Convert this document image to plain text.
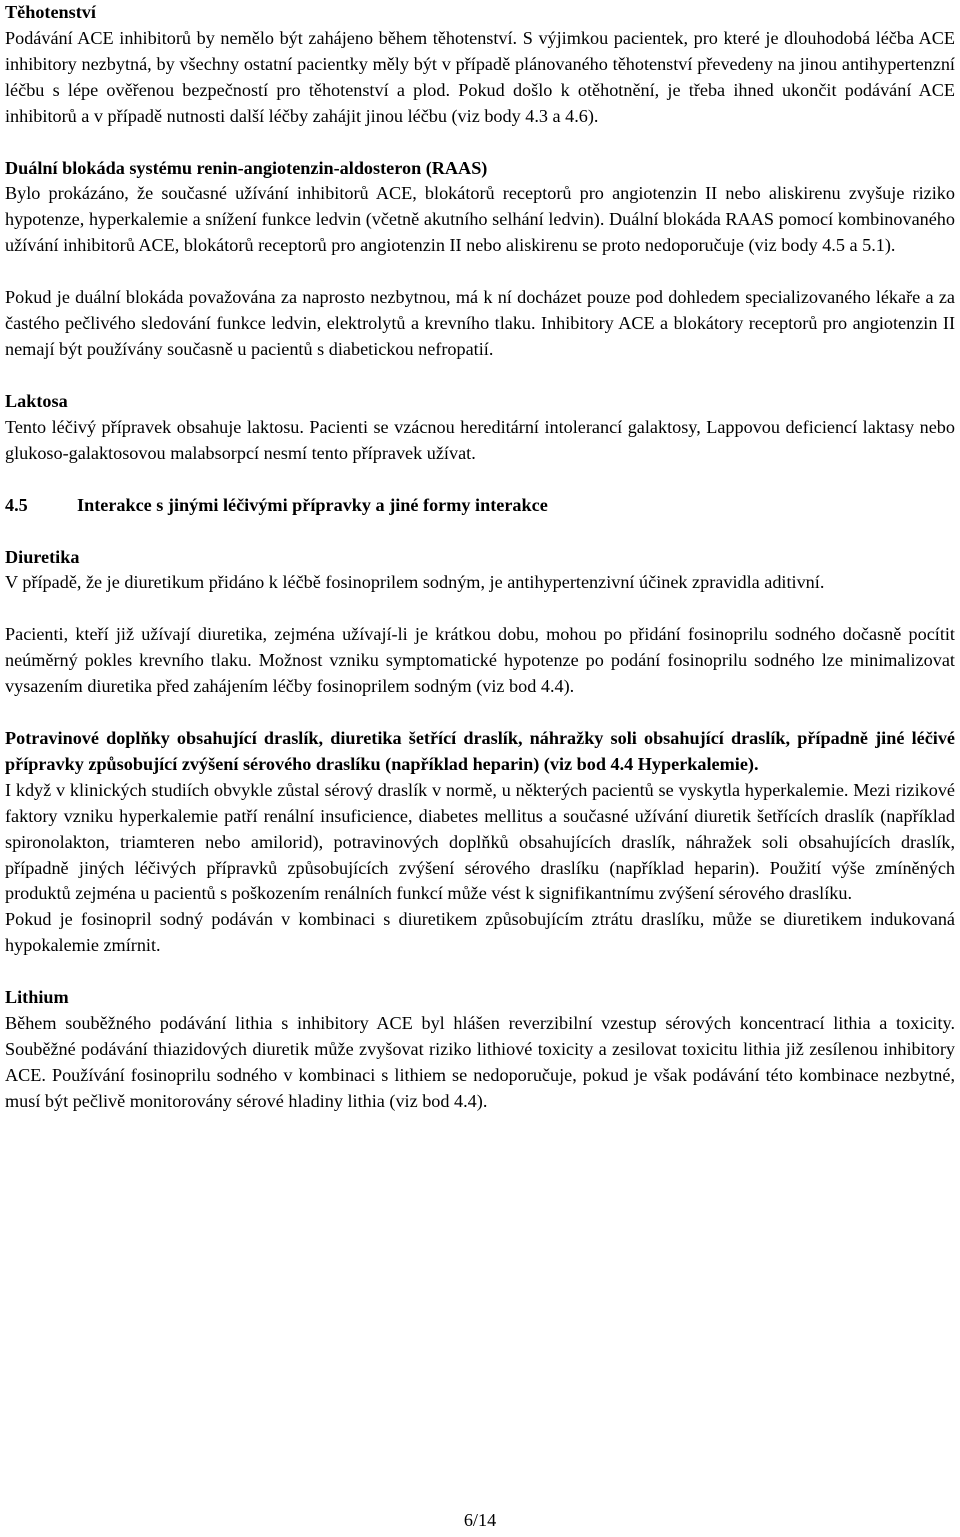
Těhotenství

Podávání ACE inhibitorů by nemělo být zahájeno během těhotenství. S výjimkou pacientek, pro které je dlouhodobá léčba ACE inhibitory nezbytná, by všechny ostatní pacientky měly být v případě plánovaného těhotenství převedeny na jinou antihypertenzní léčbu s lépe ověřenou bezpečností pro těhotenství a plod. Pokud došlo k otěhotnění, je třeba ihned ukončit podávání ACE inhibitorů a v případě nutnosti další léčby zahájit jinou léčbu (viz body 4.3 a 4.6).

Duální blokáda systému renin-angiotenzin-aldosteron (RAAS)

Bylo prokázáno, že současné užívání inhibitorů ACE, blokátorů receptorů pro angiotenzin II nebo aliskirenu zvyšuje riziko hypotenze, hyperkalemie a snížení funkce ledvin (včetně akutního selhání ledvin). Duální blokáda RAAS pomocí kombinovaného užívání inhibitorů ACE, blokátorů receptorů pro angiotenzin II nebo aliskirenu se proto nedoporučuje (viz body 4.5 a 5.1).

Pokud je duální blokáda považována za naprosto nezbytnou, má k ní docházet pouze pod dohledem specializovaného lékaře a za častého pečlivého sledování funkce ledvin, elektrolytů a krevního tlaku. Inhibitory ACE a blokátory receptorů pro angiotenzin II nemají být používány současně u pacientů s diabetickou nefropatií.

Laktosa

Tento léčivý přípravek obsahuje laktosu. Pacienti se vzácnou hereditární intolerancí galaktosy, Lappovou deficiencí laktasy nebo glukoso-galaktosovou malabsorpcí nesmí tento přípravek užívat.

4.5	Interakce s jinými léčivými přípravky a jiné formy interakce

Diuretika

V případě, že je diuretikum přidáno k léčbě fosinoprilem sodným, je antihypertenzivní účinek zpravidla aditivní.

Pacienti, kteří již užívají diuretika, zejména užívají-li je krátkou dobu, mohou po přidání fosinoprilu sodného dočasně pocítit neúměrný pokles krevního tlaku. Možnost vzniku symptomatické hypotenze po podání fosinoprilu sodného lze minimalizovat vysazením diuretika před zahájením léčby fosinoprilem sodným (viz bod 4.4).

Potravinové doplňky obsahující draslík, diuretika šetřící draslík, náhražky soli obsahující draslík, případně jiné léčivé přípravky způsobující zvýšení sérového draslíku (například heparin) (viz bod 4.4 Hyperkalemie).

I když v klinických studiích obvykle zůstal sérový draslík v normě, u některých pacientů se vyskytla hyperkalemie. Mezi rizikové faktory vzniku hyperkalemie patří renální insuficience, diabetes mellitus a současné užívání diuretik šetřících draslík (například spironolakton, triamteren nebo amilorid), potravinových doplňků obsahujících draslík, náhražek soli obsahujících draslík, případně jiných léčivých přípravků způsobujících zvýšení sérového draslíku (například heparin). Použití výše zmíněných produktů zejména u pacientů s poškozením renálních funkcí může vést k signifikantnímu zvýšení sérového draslíku.

Pokud je fosinopril sodný podáván v kombinaci s diuretikem způsobujícím ztrátu draslíku, může se diuretikem indukovaná hypokalemie zmírnit.

Lithium

Během souběžného podávání lithia s inhibitory ACE byl hlášen reverzibilní vzestup sérových koncentrací lithia a toxicity. Souběžné podávání thiazidových diuretik může zvyšovat riziko lithiové toxicity a zesilovat toxicitu lithia již zesílenou inhibitory ACE. Používání fosinoprilu sodného v kombinaci s lithiem se nedoporučuje, pokud je však podávání této kombinace nezbytné, musí být pečlivě monitorovány sérové hladiny lithia (viz bod 4.4).

6/14
